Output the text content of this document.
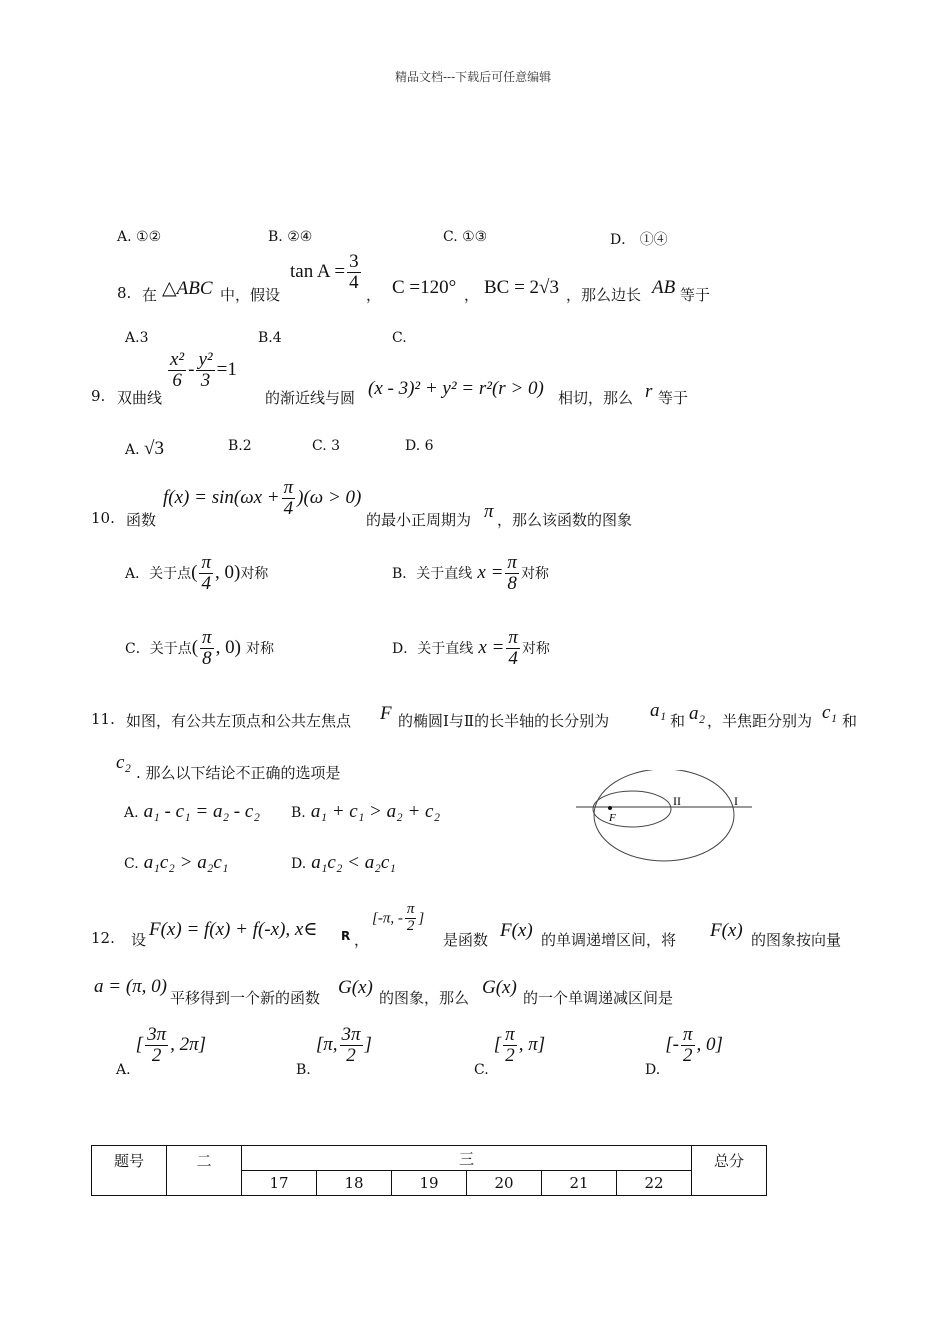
精品文档---下载后可任意编辑
A. ①②	B. ②④	C. ①③	D． ①④
8. 在 △ABC 中，假设
$\tan A = \frac{3}{4}$
， C =120° ， BC = 2√3 ，那么边长 AB 等于
A.3	B.4	C.
9. 双曲线
$\frac{\text{x²}}{6} - \frac{\text{y²}}{3} =1$
的渐近线与圆 (x - 3)² + y² = r²(r > 0) 相切，那么 r 等于
A. √3	B.2	C. 3	D. 6
10. 函数
$f(x) = \sin(\omega x + \frac{\pi}{4} )(\omega > 0)$
的最小正周期为 π ，那么该函数的图象
A．关于点( $\frac{\pi}{4}$ , 0)对称	B．关于直线 $x = \frac{\pi}{8}$ 对称
C．关于点( $\frac{\pi}{8}$ , 0) 对称	D．关于直线 $x = \frac{\pi}{4}$ 对称
11. 如图，有公共左顶点和公共左焦点 F 的椭圆Ⅰ与Ⅱ的长半轴的长分别为 a₁ 和 a₂ ，半焦距分别为 c₁ 和
c₂ . 那么以下结论不正确的选项是
A. a₁ - c₁ = a₂ - c₂ B. a₁ + c₁ > a₂ + c₂
C. a₁c₂ > a₂c₁	D. a₁c₂ < a₂c₁
F
II	I
12. 设 F(x) = f(x) + f(-x), x∈ R ，
[-π, - $\frac{\pi}{2}$ ]
是函数 F(x) 的单调递增区间，将 F(x) 的图象按向量
a = (π, 0)
平移得到一个新的函数 G(x) 的图象，那么 G(x) 的一个单调递减区间是
A. [ $\frac{3\pi}{2}$ , 2π]
B. [π, $\frac{3\pi}{2}$ ]
C. [ $\frac{\pi}{2}$ , π]
D. [- $\frac{\pi}{2}$ , 0]
题号	二	三						总分
		17	18	19	20	21	22	
